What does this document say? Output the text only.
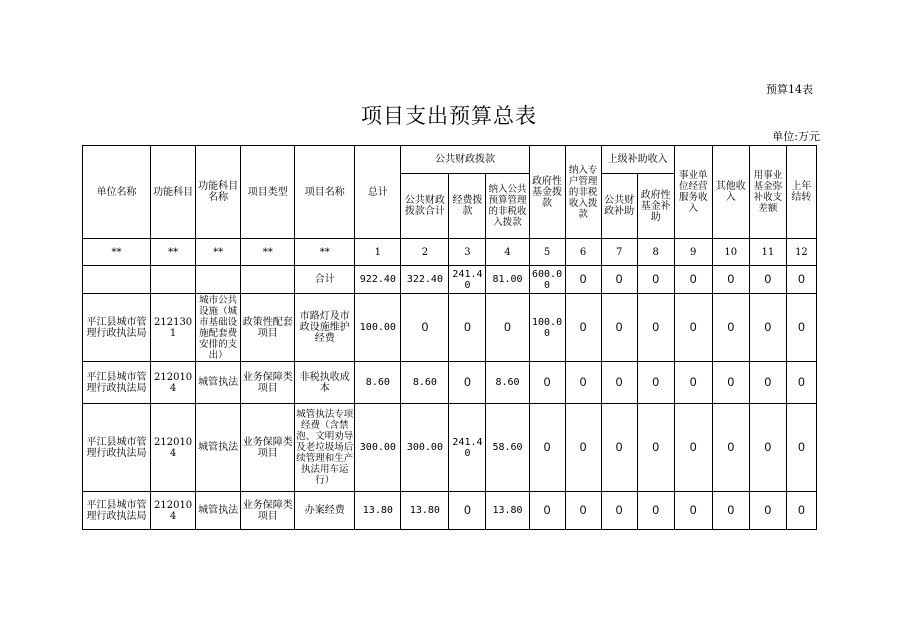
预算14表
项目支出预算总表
单位:万元
单位名称	功能科目	功能科目名称	项目类型	项目名称	总计	公共财政拨款			政府性基金拨款	纳入专户管理的非税收入拨款	上级补助收入		事业单位经营服务收入	其他收入	用事业基金弥补收支差额	上年结转
						公共财政拨款合计	经费拨款	纳入公共预算管理的非税收入拨款			公共财政补助	政府性基金补助				

**	**	**	**	**	1	2	3	4	5	6	7	8	9	10	11	12
				合计	922.40	322.40	241.40	81.00	600.00	0	0	0	0	0	0	0
平江县城市管理行政执法局	2121301	城市公共设施（城市基础设施配套费安排的支出）	政策性配套项目	市路灯及市政设施维护经费	100.00	0	0	0	100.00	0	0	0	0	0	0	0
平江县城市管理行政执法局	2120104	城管执法	业务保障类项目	非税执收成本	8.60	8.60	0	8.60	0	0	0	0	0	0	0	0
平江县城市管理行政执法局	2120104	城管执法	业务保障类项目	城管执法专项经费（含禁泡、文明劝导及老垃圾场后续管理和生产执法用车运行）	300.00	300.00	241.40	58.60	0	0	0	0	0	0	0	0
平江县城市管理行政执法局	2120104	城管执法	业务保障类项目	办案经费	13.80	13.80	0	13.80	0	0	0	0	0	0	0	0
